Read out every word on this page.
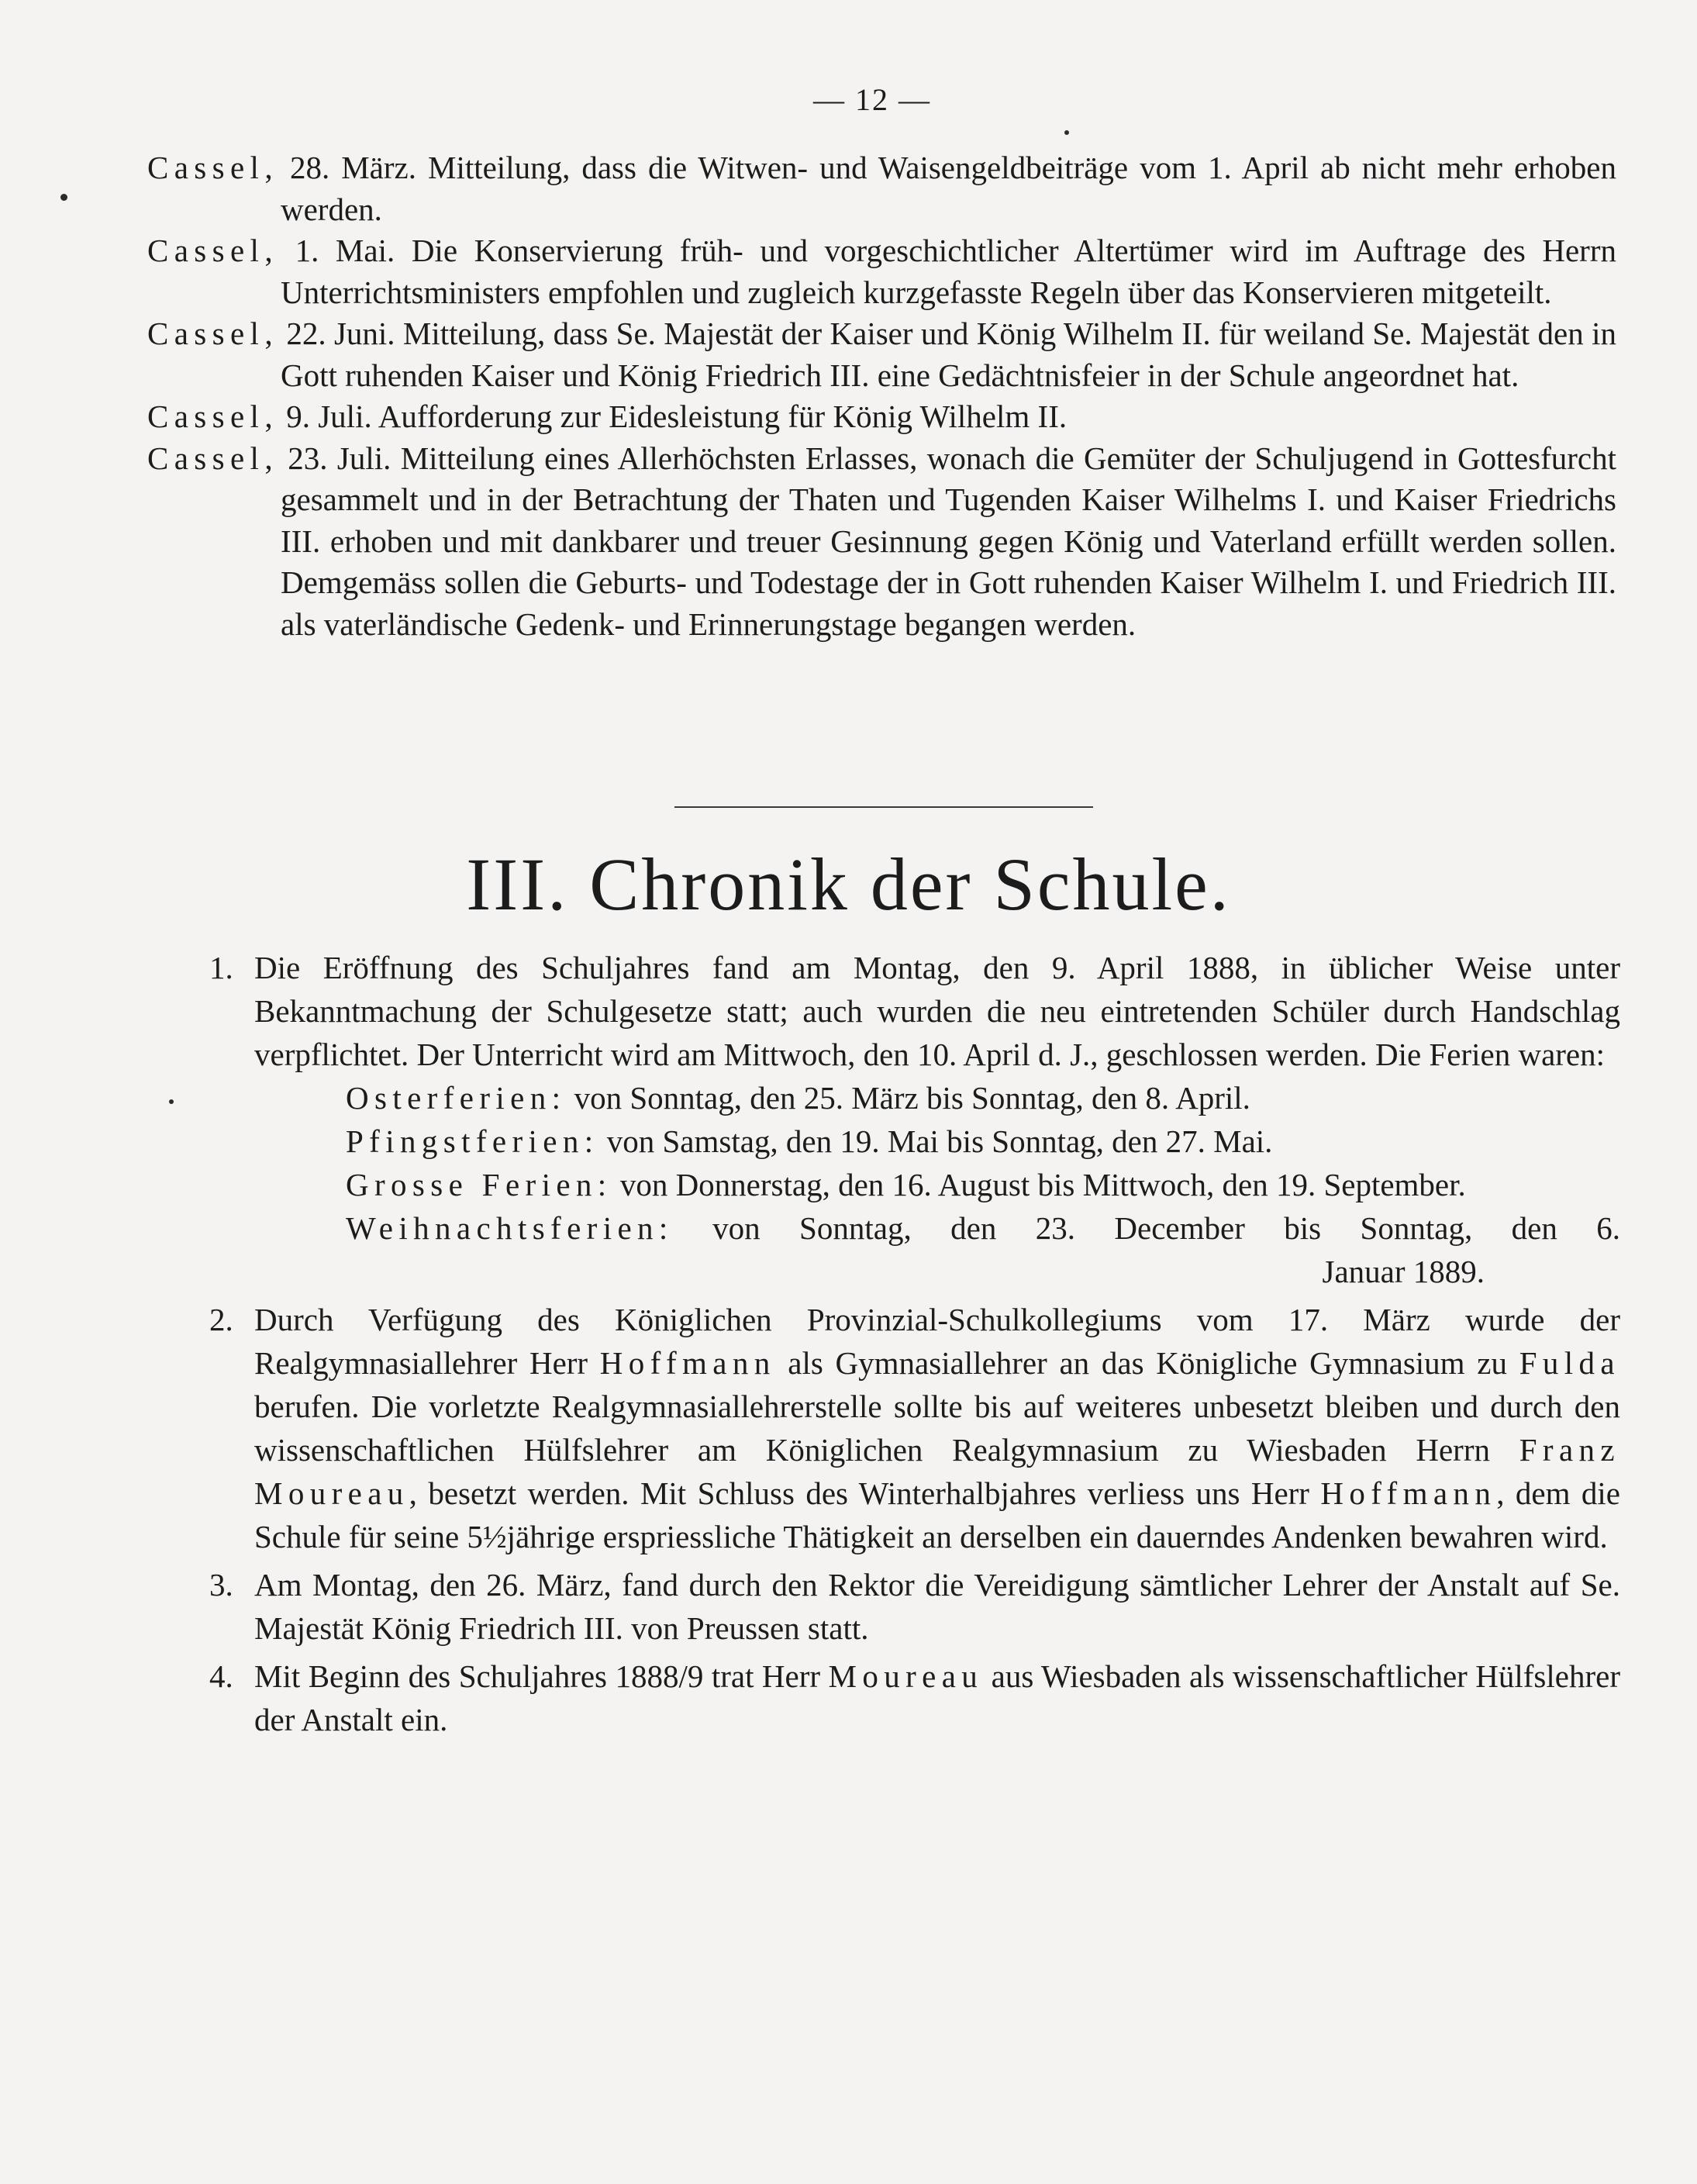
— 12 —

Cassel, 28. März. Mitteilung, dass die Witwen- und Waisengeldbeiträge vom 1. April ab nicht mehr erhoben werden.

Cassel, 1. Mai. Die Konservierung früh- und vorgeschichtlicher Altertümer wird im Auftrage des Herrn Unterrichtsministers empfohlen und zugleich kurzgefasste Regeln über das Konservieren mitgeteilt.

Cassel, 22. Juni. Mitteilung, dass Se. Majestät der Kaiser und König Wilhelm II. für weiland Se. Majestät den in Gott ruhenden Kaiser und König Friedrich III. eine Gedächtnisfeier in der Schule angeordnet hat.

Cassel, 9. Juli. Aufforderung zur Eidesleistung für König Wilhelm II.

Cassel, 23. Juli. Mitteilung eines Allerhöchsten Erlasses, wonach die Gemüter der Schuljugend in Gottesfurcht gesammelt und in der Betrachtung der Thaten und Tugenden Kaiser Wilhelms I. und Kaiser Friedrichs III. erhoben und mit dankbarer und treuer Gesinnung gegen König und Vaterland erfüllt werden sollen. Demgemäss sollen die Geburts- und Todestage der in Gott ruhenden Kaiser Wilhelm I. und Friedrich III. als vaterländische Gedenk- und Erinnerungstage begangen werden.

III. Chronik der Schule.
1. Die Eröffnung des Schuljahres fand am Montag, den 9. April 1888, in üblicher Weise unter Bekanntmachung der Schulgesetze statt; auch wurden die neu eintretenden Schüler durch Handschlag verpflichtet. Der Unterricht wird am Mittwoch, den 10. April d. J., geschlossen werden. Die Ferien waren:
Osterferien: von Sonntag, den 25. März bis Sonntag, den 8. April.
Pfingstferien: von Samstag, den 19. Mai bis Sonntag, den 27. Mai.
Grosse Ferien: von Donnerstag, den 16. August bis Mittwoch, den 19. September.
Weihnachtsferien: von Sonntag, den 23. December bis Sonntag, den 6.
Januar 1889.
2. Durch Verfügung des Königlichen Provinzial-Schulkollegiums vom 17. März wurde der Realgymnasiallehrer Herr Hoffmann als Gymnasiallehrer an das Königliche Gymnasium zu Fulda berufen. Die vorletzte Realgymnasiallehrerstelle sollte bis auf weiteres unbesetzt bleiben und durch den wissenschaftlichen Hülfslehrer am Königlichen Realgymnasium zu Wiesbaden Herrn Franz Moureau, besetzt werden. Mit Schluss des Winterhalbjahres verliess uns Herr Hoffmann, dem die Schule für seine 5½jährige erspriessliche Thätigkeit an derselben ein dauerndes Andenken bewahren wird.
3. Am Montag, den 26. März, fand durch den Rektor die Vereidigung sämtlicher Lehrer der Anstalt auf Se. Majestät König Friedrich III. von Preussen statt.
4. Mit Beginn des Schuljahres 1888/9 trat Herr Moureau aus Wiesbaden als wissenschaftlicher Hülfslehrer der Anstalt ein.
